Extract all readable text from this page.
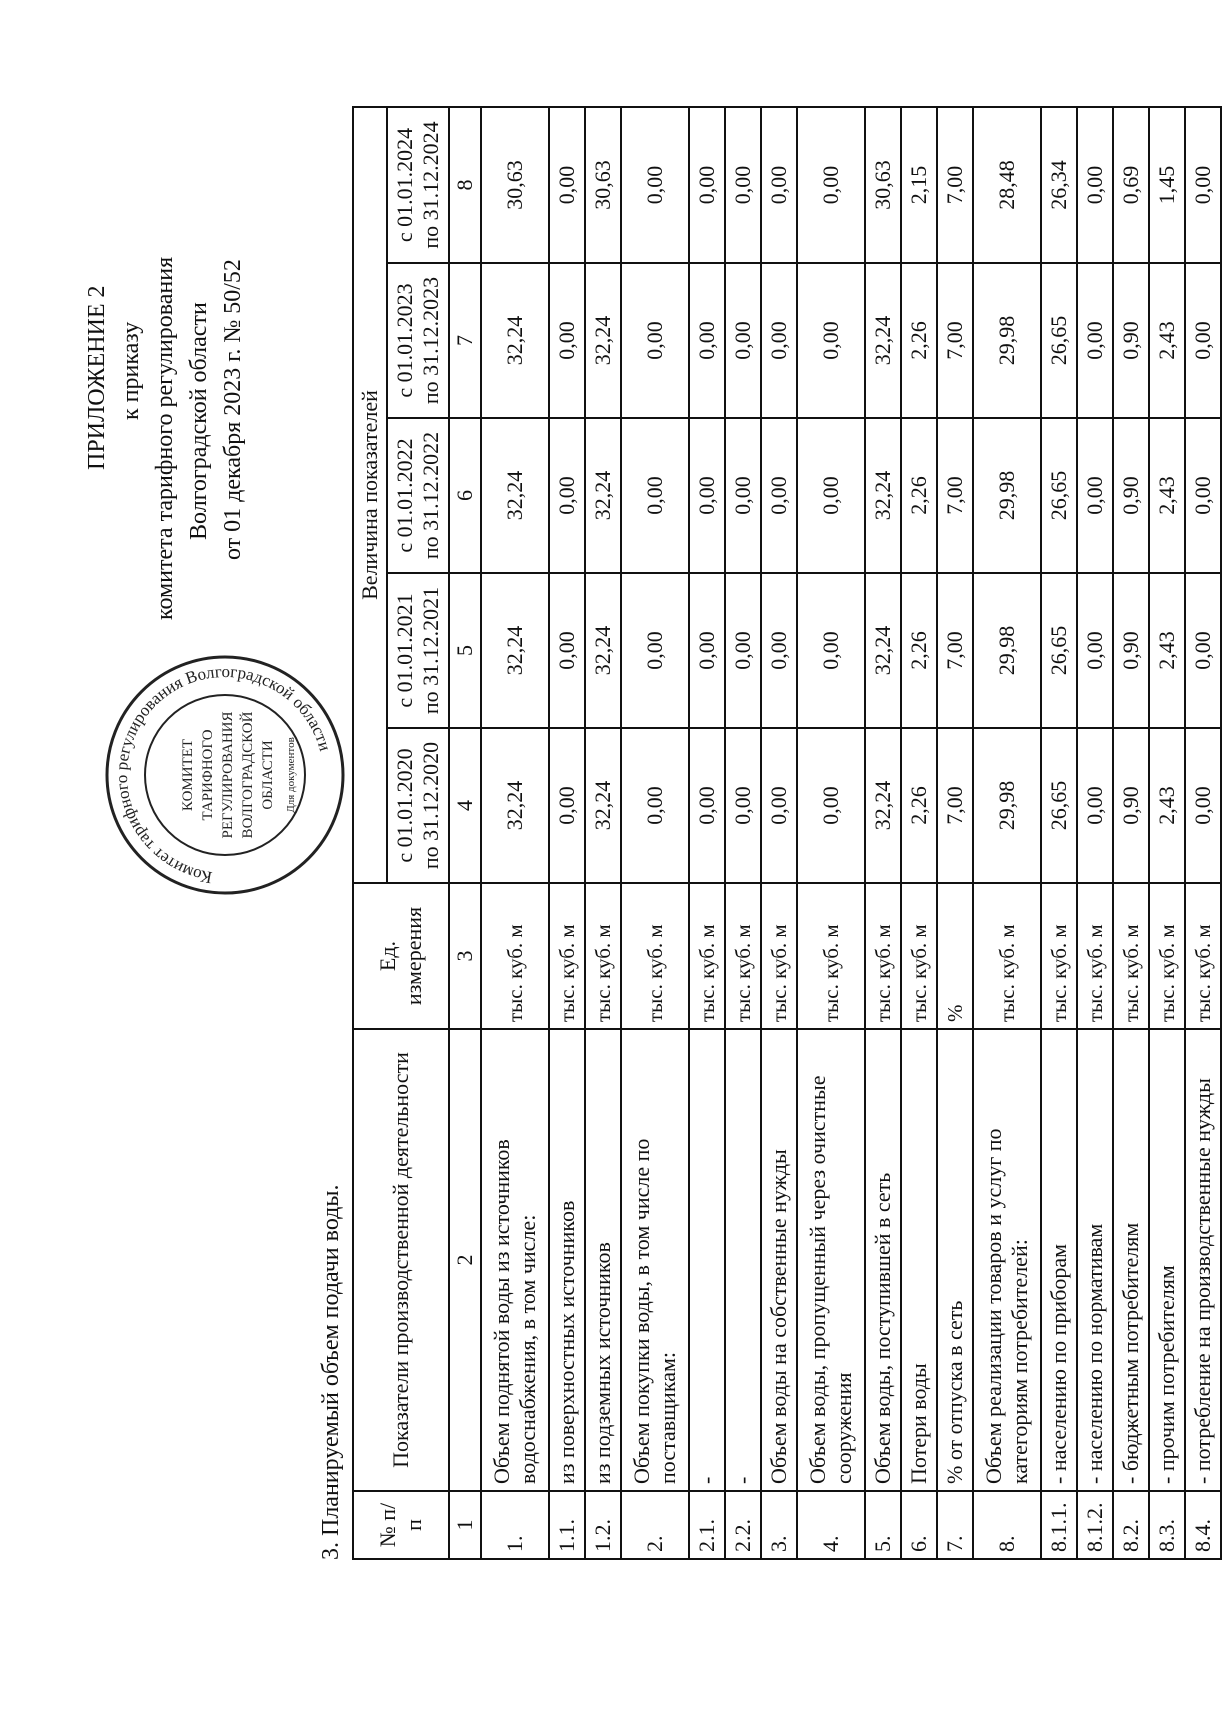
ПРИЛОЖЕНИЕ 2 к приказу комитета тарифного регулирования Волгоградской области от 01 декабря 2023 г. № 50/52
Комитет тарифного регулирования Волгоградской области
КОМИТЕТ ТАРИФНОГО РЕГУЛИРОВАНИЯ ВОЛГОГРАДСКОЙ ОБЛАСТИ Для документов
3. Планируемый объем подачи воды. № п/п	Показатели производственной деятельности	Ед. измерения	Величина показателей				
			с 01.01.2020 по 31.12.2020	с 01.01.2021 по 31.12.2021	с 01.01.2022 по 31.12.2022	с 01.01.2023 по 31.12.2023	с 01.01.2024 по 31.12.2024
1	2	3	4	5	6	7	8
1.	Объем поднятой воды из источников водоснабжения, в том числе:	тыс. куб. м	32,24	32,24	32,24	32,24	30,63
1.1.	из поверхностных источников	тыс. куб. м	0,00	0,00	0,00	0,00	0,00
1.2.	из подземных источников	тыс. куб. м	32,24	32,24	32,24	32,24	30,63
2.	Объем покупки воды, в том числе по поставщикам:	тыс. куб. м	0,00	0,00	0,00	0,00	0,00
2.1.	-	тыс. куб. м	0,00	0,00	0,00	0,00	0,00
2.2.	-	тыс. куб. м	0,00	0,00	0,00	0,00	0,00
3.	Объем воды на собственные нужды	тыс. куб. м	0,00	0,00	0,00	0,00	0,00
4.	Объем воды, пропущенный через очистные сооружения	тыс. куб. м	0,00	0,00	0,00	0,00	0,00
5.	Объем воды, поступившей в сеть	тыс. куб. м	32,24	32,24	32,24	32,24	30,63
6.	Потери воды	тыс. куб. м	2,26	2,26	2,26	2,26	2,15
7.	% от отпуска в сеть	%	7,00	7,00	7,00	7,00	7,00
8.	Объем реализации товаров и услуг по категориям потребителей:	тыс. куб. м	29,98	29,98	29,98	29,98	28,48
8.1.1.	- населению по приборам	тыс. куб. м	26,65	26,65	26,65	26,65	26,34
8.1.2.	- населению по нормативам	тыс. куб. м	0,00	0,00	0,00	0,00	0,00
8.2.	- бюджетным потребителям	тыс. куб. м	0,90	0,90	0,90	0,90	0,69
8.3.	- прочим потребителям	тыс. куб. м	2,43	2,43	2,43	2,43	1,45
8.4.	- потребление на производственные нужды	тыс. куб. м	0,00	0,00	0,00	0,00	0,00
